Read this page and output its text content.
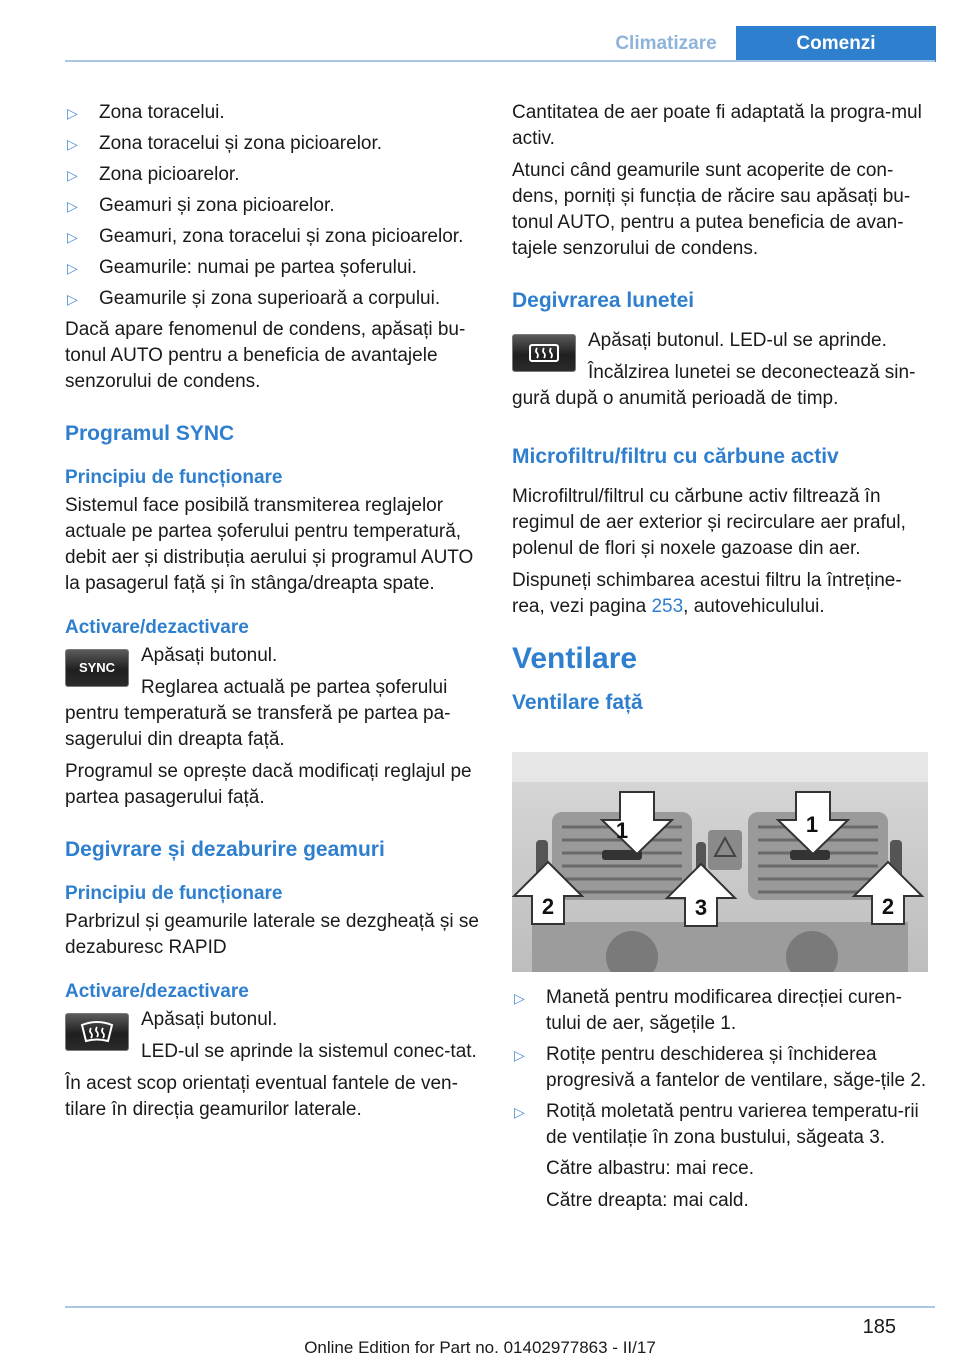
Climatizare	Comenzi
▷ Zona toracelui.
▷ Zona toracelui și zona picioarelor.
▷ Zona picioarelor.
▷ Geamuri și zona picioarelor.
▷ Geamuri, zona toracelui și zona picioarelor.
▷ Geamurile: numai pe partea șoferului.
▷ Geamurile și zona superioară a corpului.

Dacă apare fenomenul de condens, apăsați bu‐tonul AUTO pentru a beneficia de avantajele senzorului de condens.

Programul SYNC
Principiu de funcționare

Sistemul face posibilă transmiterea reglajelor actuale pe partea șoferului pentru temperatură, debit aer și distribuția aerului și programul AUTO la pasagerul față și în stânga/dreapta spate.

Activare/dezactivare
SYNC

Apăsați butonul.

Reglarea actuală pe partea șoferului pentru temperatură se transferă pe partea pa‐sagerului din dreapta față.

Programul se oprește dacă modificați reglajul pe partea pasagerului față.

Degivrare și dezaburire geamuri
Principiu de funcționare

Parbrizul și geamurile laterale se dezgheață și se dezaburesc RAPID

Activare/dezactivare

Apăsați butonul.

LED-ul se aprinde la sistemul conec‐tat.

În acest scop orientați eventual fantele de ven‐tilare în direcția geamurilor laterale.

Cantitatea de aer poate fi adaptată la progra‐mul activ.

Atunci când geamurile sunt acoperite de con‐dens, porniți și funcția de răcire sau apăsați bu‐tonul AUTO, pentru a putea beneficia de avan‐tajele senzorului de condens.

Degivrarea lunetei

Apăsați butonul. LED-ul se aprinde.

Încălzirea lunetei se deconectează sin‐gură după o anumită perioadă de timp.

Microfiltru/filtru cu cărbune activ

Microfiltrul/filtrul cu cărbune activ filtrează în regimul de aer exterior și recirculare aer praful, polenul de flori și noxele gazoase din aer.

Dispuneți schimbarea acestui filtru la întreține‐rea, vezi pagina 253, autovehiculului.

Ventilare
Ventilare față
1	1
2	3	2
▷ Manetă pentru modificarea direcției curen‐tului de aer, săgețile 1.
▷ Rotițe pentru deschiderea și închiderea progresivă a fantelor de ventilare, săge‐țile 2.
▷ Rotiță moletată pentru varierea temperatu‐rii de ventilație în zona bustului, săgeata 3.

Către albastru: mai rece.

Către dreapta: mai cald.

185
Online Edition for Part no. 01402977863 - II/17
